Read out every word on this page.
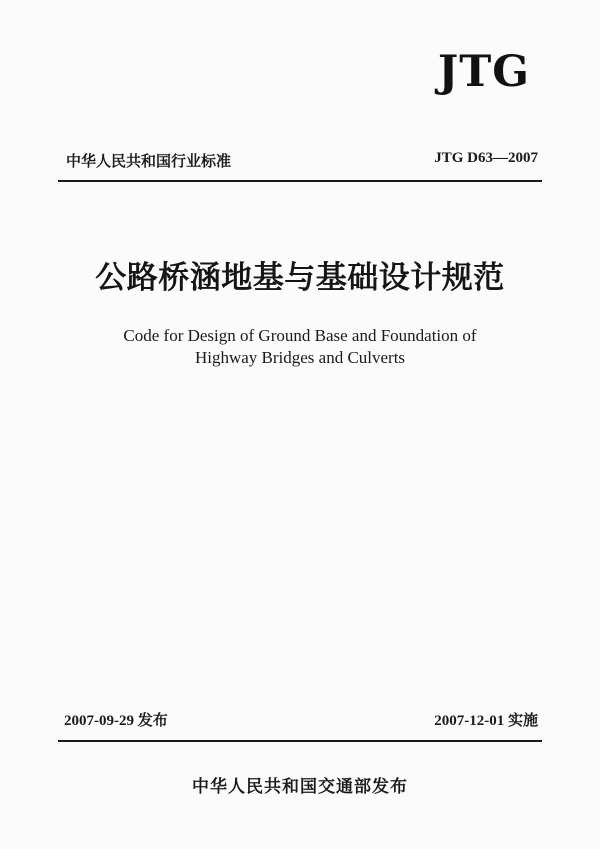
JTG
中华人民共和国行业标准	JTG D63—2007
公路桥涵地基与基础设计规范
Code for Design of Ground Base and Foundation of
Highway Bridges and Culverts
2007-09-29 发布	2007-12-01 实施
中华人民共和国交通部发布
